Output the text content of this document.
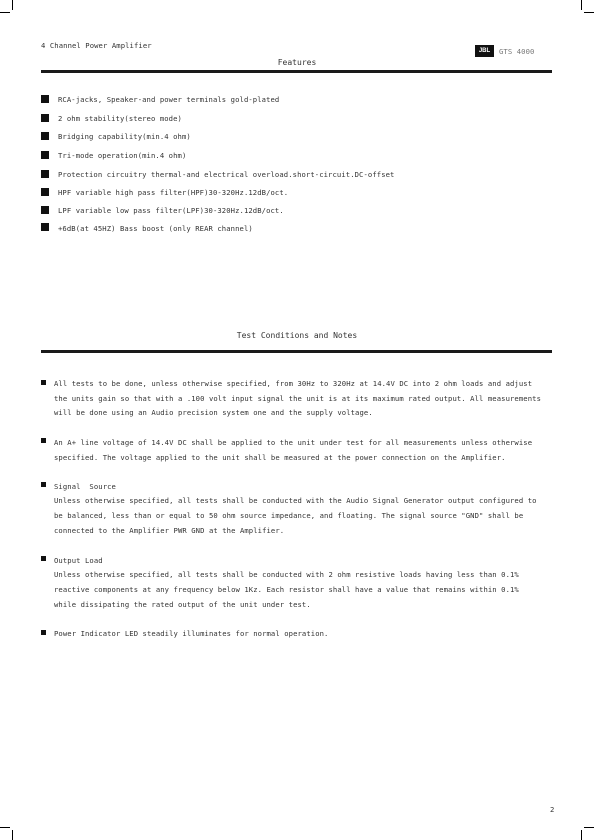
4 Channel Power Amplifier
JBL	GTS 4000
Features
RCA-jacks, Speaker-and power terminals gold-plated
2 ohm stability(stereo mode)
Bridging capability(min.4 ohm)
Tri-mode operation(min.4 ohm)
Protection circuitry thermal-and electrical overload.short-circuit.DC-offset
HPF variable high pass filter(HPF)30-320Hz.12dB/oct.
LPF variable low pass filter(LPF)30-320Hz.12dB/oct.
+6dB(at 45HZ) Bass boost (only REAR channel)
Test Conditions and Notes
All tests to be done, unless otherwise specified, from 30Hz to 320Hz at 14.4V DC into 2 ohm loads and adjust
the units gain so that with a .100 volt input signal the unit is at its maximum rated output. All measurements
will be done using an Audio precision system one and the supply voltage.
An A+ line voltage of 14.4V DC shall be applied to the unit under test for all measurements unless otherwise
specified. The voltage applied to the unit shall be measured at the power connection on the Amplifier.
Signal  Source
Unless otherwise specified, all tests shall be conducted with the Audio Signal Generator output configured to
be balanced, less than or equal to 50 ohm source impedance, and floating. The signal source "GND" shall be
connected to the Amplifier PWR GND at the Amplifier.
Output Load
Unless otherwise specified, all tests shall be conducted with 2 ohm resistive loads having less than 0.1%
reactive components at any frequency below 1Kz. Each resistor shall have a value that remains within 0.1%
while dissipating the rated output of the unit under test.
Power Indicator LED steadily illuminates for normal operation.
2
